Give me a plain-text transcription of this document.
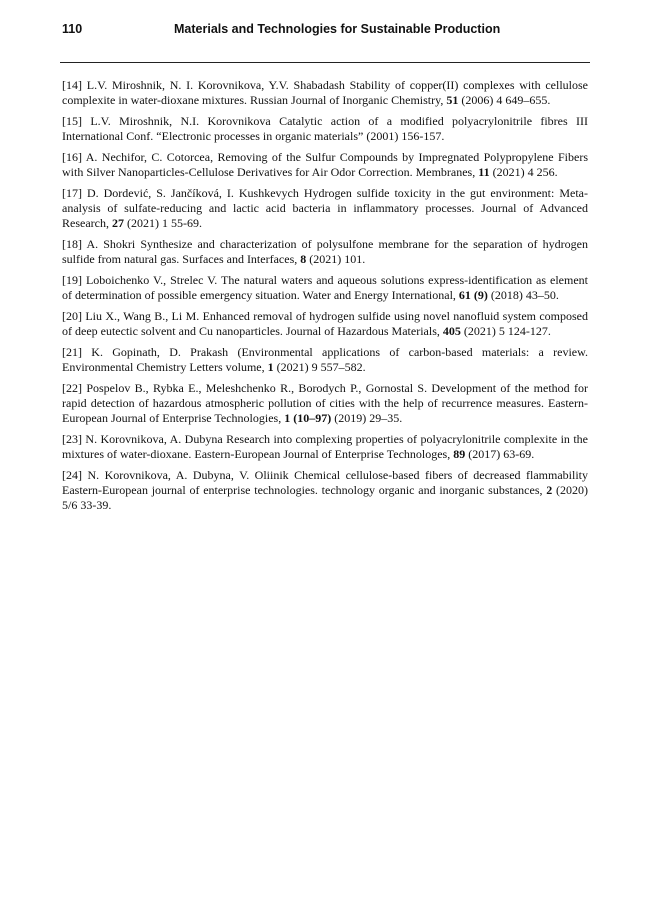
110	Materials and Technologies for Sustainable Production

[14] L.V. Miroshnik, N. I. Korovnikova, Y.V. Shabadash Stability of copper(II) complexes with cellulose complexite in water-dioxane mixtures. Russian Journal of Inorganic Chemistry, 51 (2006) 4 649–655.

[15] L.V. Miroshnik, N.I. Korovnikova Catalytic action of a modified polyacrylonitrile fibres III International Conf. “Electronic processes in organic materials” (2001) 156-157.

[16] A. Nechifor, C. Cotorcea, Removing of the Sulfur Compounds by Impregnated Polypropylene Fibers with Silver Nanoparticles-Cellulose Derivatives for Air Odor Correction. Membranes, 11 (2021) 4 256.

[17] D. Dordević, S. Jančíková, I. Kushkevych Hydrogen sulfide toxicity in the gut environment: Meta-analysis of sulfate-reducing and lactic acid bacteria in inflammatory processes. Journal of Advanced Research, 27 (2021) 1 55-69.

[18] A. Shokri Synthesize and characterization of polysulfone membrane for the separation of hydrogen sulfide from natural gas. Surfaces and Interfaces, 8 (2021) 101.

[19] Loboichenko V., Strelec V. The natural waters and aqueous solutions express-identification as element of determination of possible emergency situation. Water and Energy International, 61 (9) (2018) 43–50.

[20] Liu X., Wang B., Li M. Enhanced removal of hydrogen sulfide using novel nanofluid system composed of deep eutectic solvent and Cu nanoparticles. Journal of Hazardous Materials, 405 (2021) 5 124-127.

[21] K. Gopinath, D. Prakash (Environmental applications of carbon-based materials: a review. Environmental Chemistry Letters volume, 1 (2021) 9 557–582.

[22] Pospelov B., Rybka E., Meleshchenko R., Borodych P., Gornostal S. Development of the method for rapid detection of hazardous atmospheric pollution of cities with the help of recurrence measures. Eastern-European Journal of Enterprise Technologies, 1 (10–97) (2019) 29–35.

[23] N. Korovnikova, A. Dubyna Research into complexing properties of polyacrylonitrile complexite in the mixtures of water-dioxane. Eastern-European Journal of Enterprise Technologes, 89 (2017) 63-69.

[24] N. Korovnikova, A. Dubyna, V. Oliinik Chemical cellulose-based fibers of decreased flammability Eastern-European journal of enterprise technologies. technology organic and inorganic substances, 2 (2020) 5/6 33-39.
